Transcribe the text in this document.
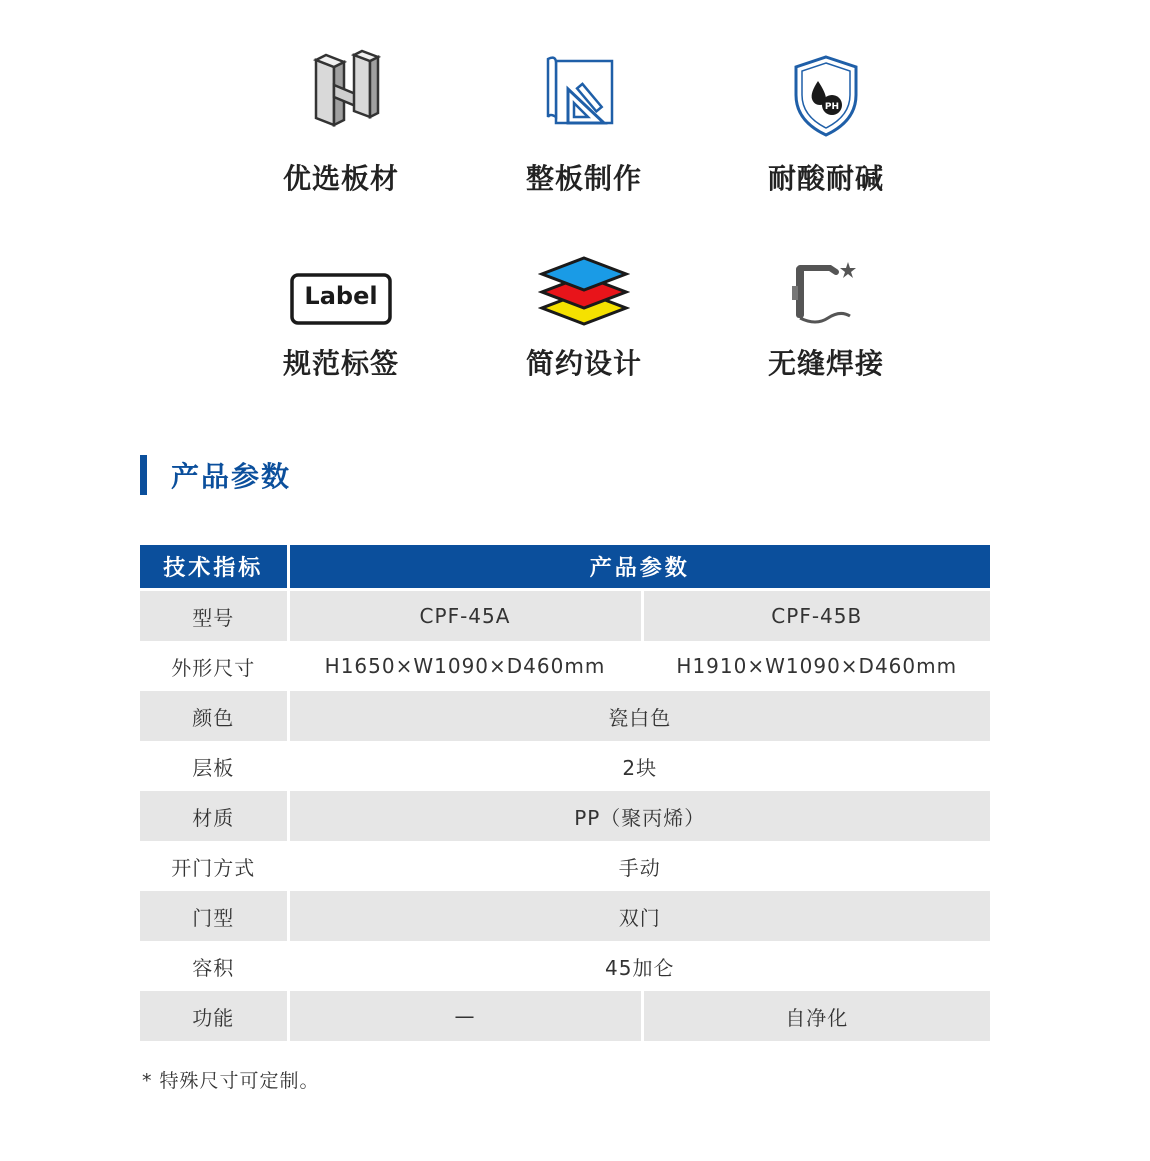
优选板材	整板制作
PH
耐酸耐碱
Label
规范标签	简约设计	无缝焊接
产品参数
技术指标	产品参数	
型号	CPF-45A	CPF-45B
外形尺寸	H1650×W1090×D460mm	H1910×W1090×D460mm
颜色	瓷白色	
层板	2块	
材质	PP（聚丙烯）	
开门方式	手动	
门型	双门	
容积	45加仑	
功能	—	自净化
* 特殊尺寸可定制。
